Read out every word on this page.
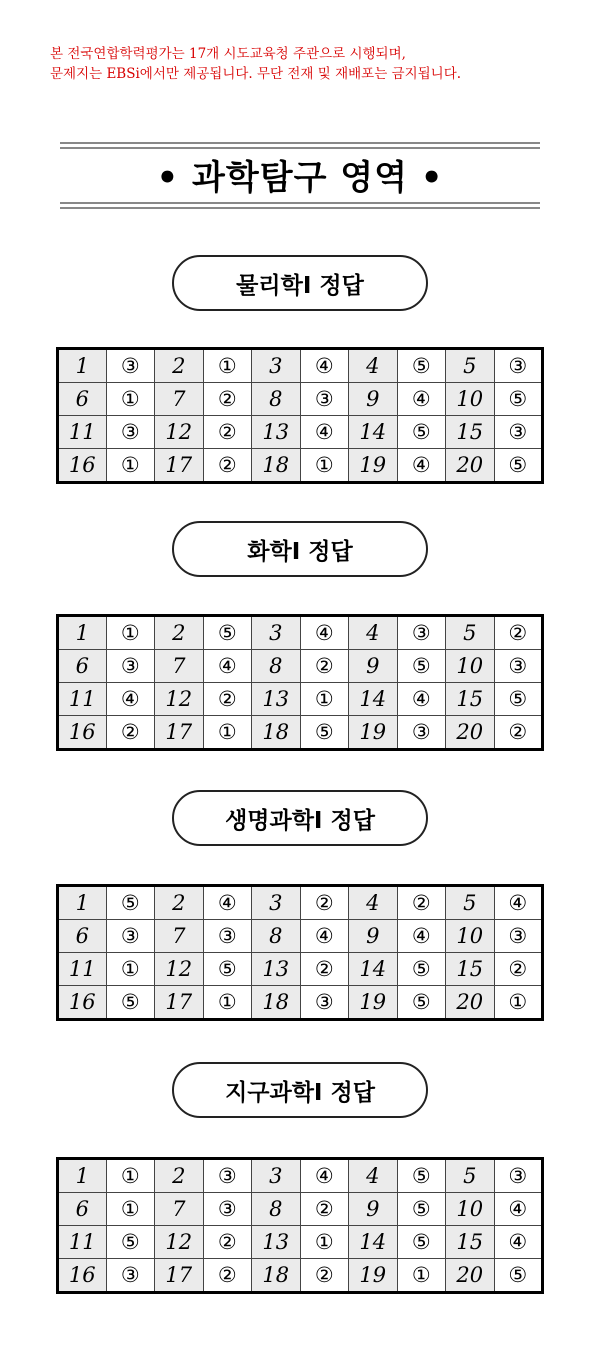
본 전국연합학력평가는 17개 시도교육청 주관으로 시행되며,
문제지는 EBSi에서만 제공됩니다. 무단 전재 및 재배포는 금지됩니다.
• 과학탐구 영역 •
물리학Ⅰ 정답
1	③	2	①	3	④	4	⑤	5	③
6	①	7	②	8	③	9	④	10	⑤
11	③	12	②	13	④	14	⑤	15	③
16	①	17	②	18	①	19	④	20	⑤
화학Ⅰ 정답
1	①	2	⑤	3	④	4	③	5	②
6	③	7	④	8	②	9	⑤	10	③
11	④	12	②	13	①	14	④	15	⑤
16	②	17	①	18	⑤	19	③	20	②
생명과학Ⅰ 정답
1	⑤	2	④	3	②	4	②	5	④
6	③	7	③	8	④	9	④	10	③
11	①	12	⑤	13	②	14	⑤	15	②
16	⑤	17	①	18	③	19	⑤	20	①
지구과학Ⅰ 정답
1	①	2	③	3	④	4	⑤	5	③
6	①	7	③	8	②	9	⑤	10	④
11	⑤	12	②	13	①	14	⑤	15	④
16	③	17	②	18	②	19	①	20	⑤
